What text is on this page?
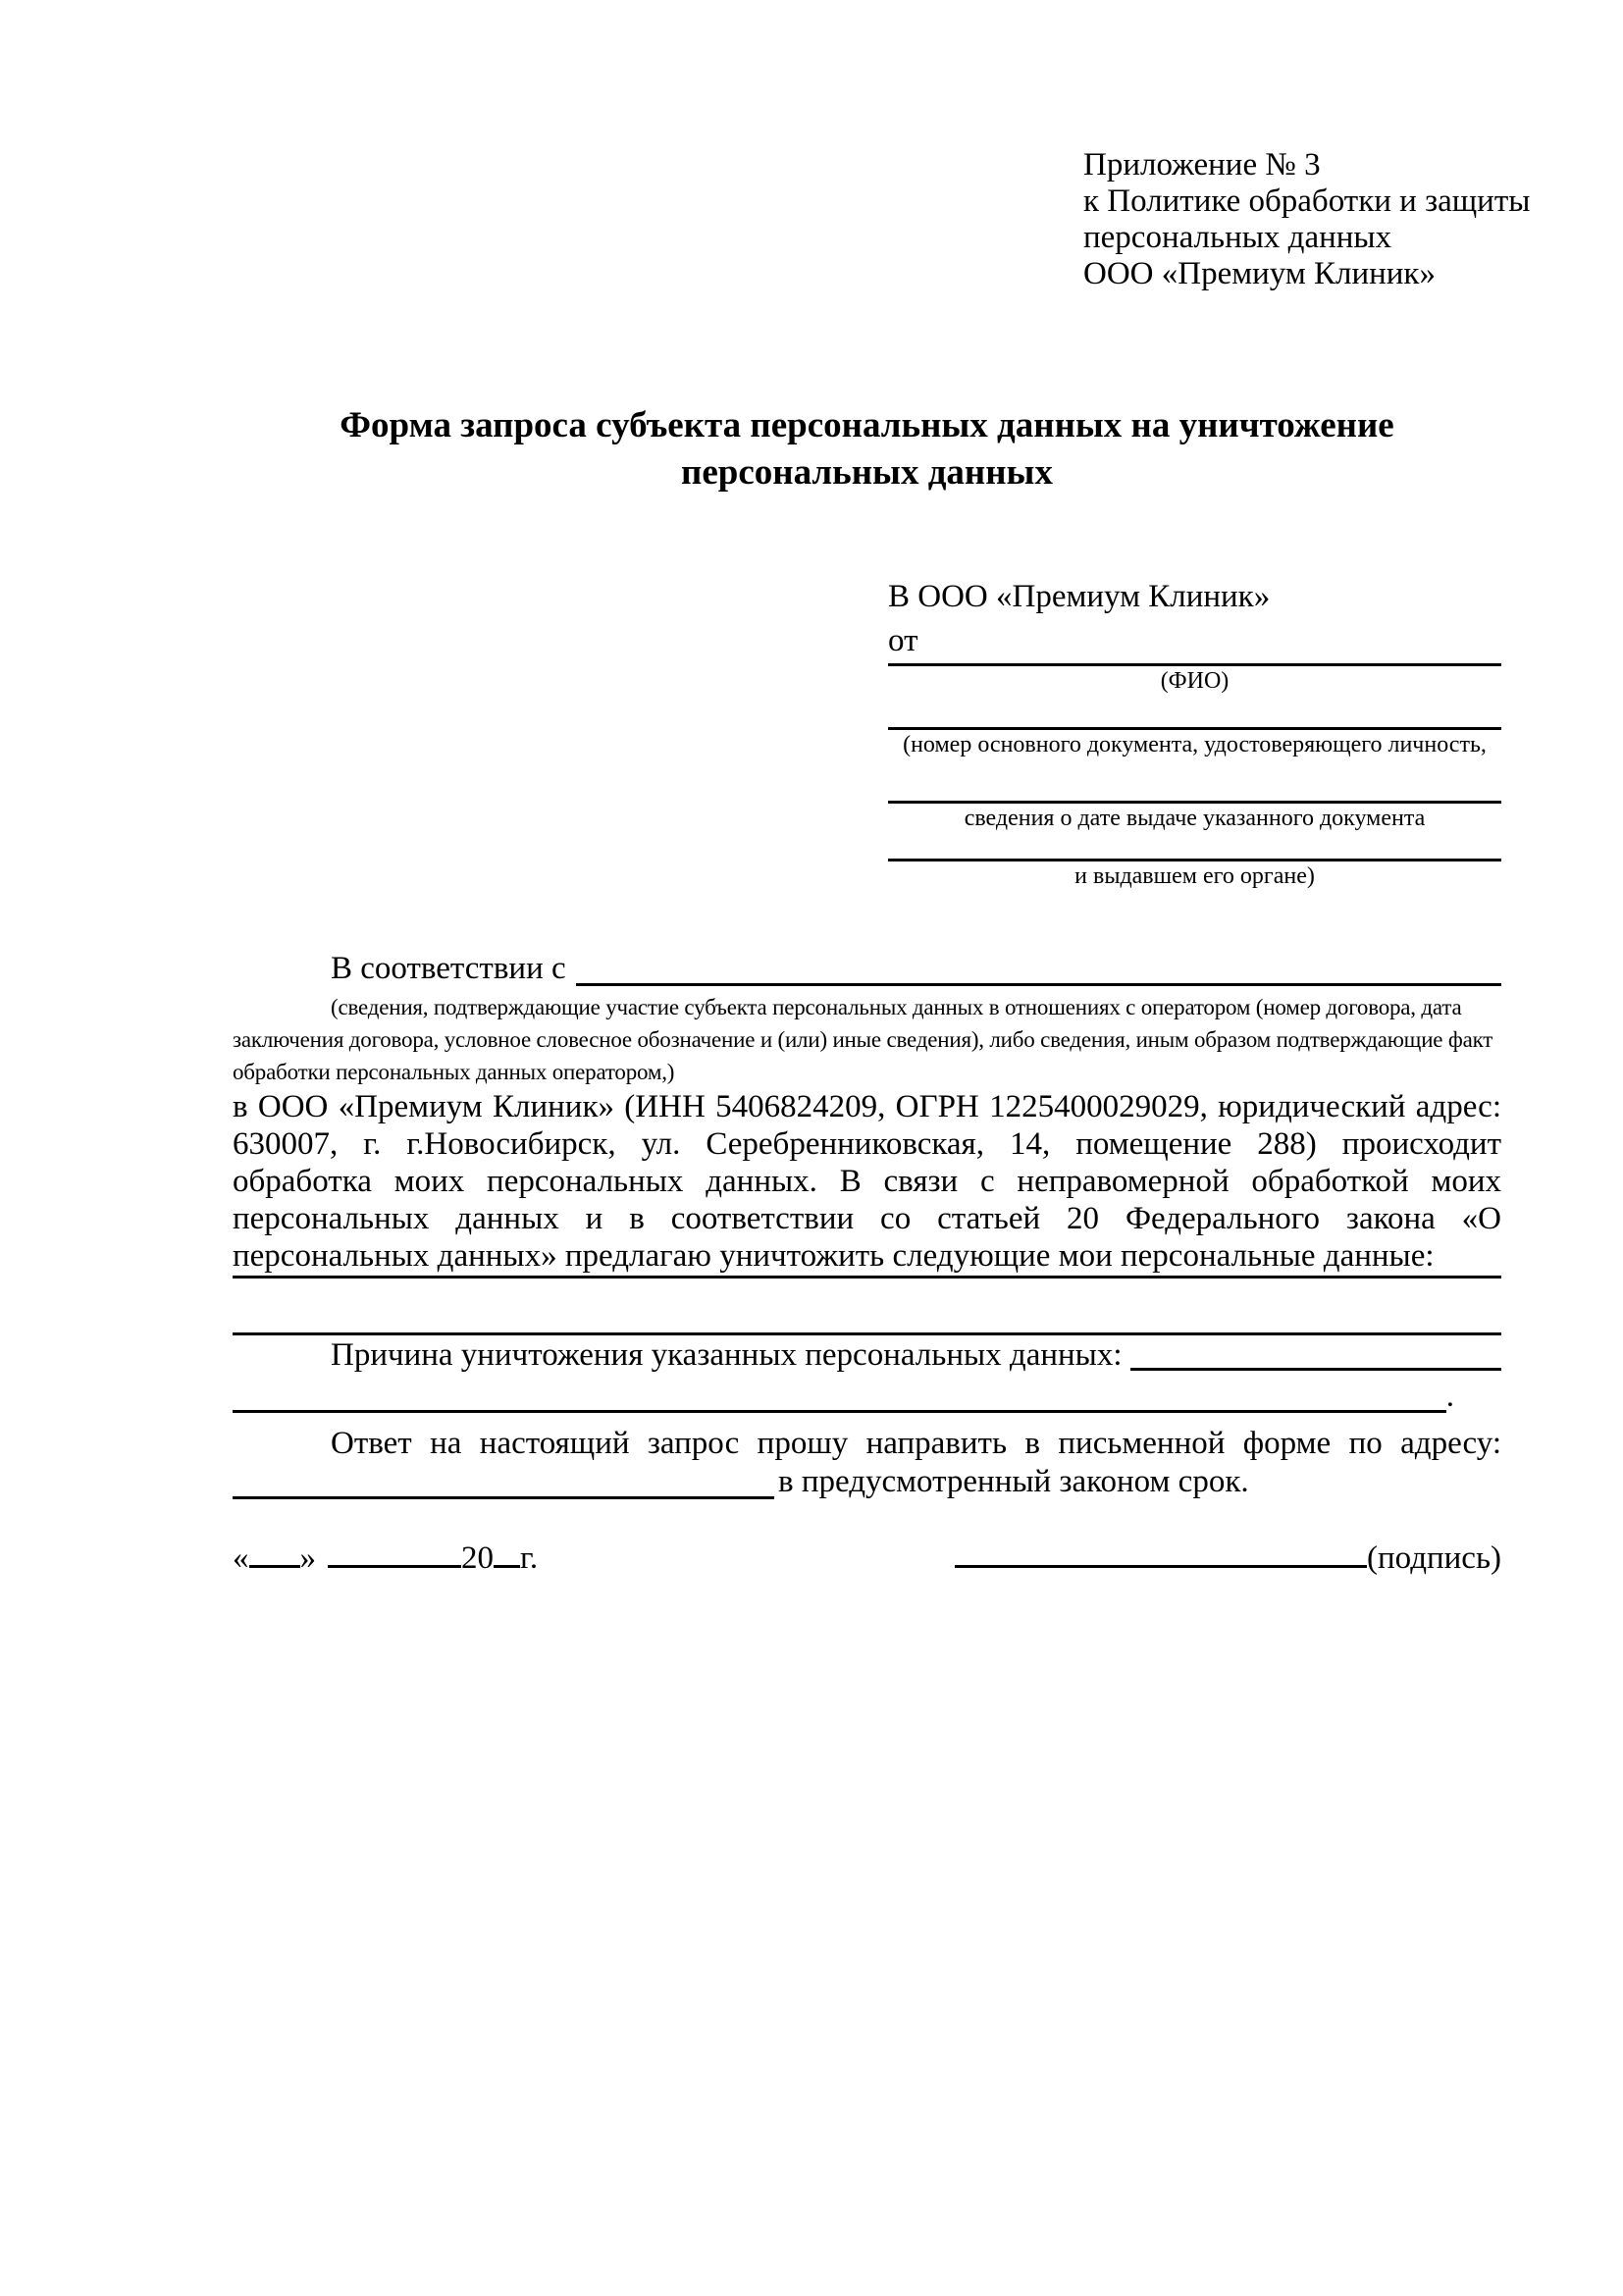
Приложение № 3
к Политике обработки и защиты
персональных данных
ООО «Премиум Клиник»
Форма запроса субъекта персональных данных на уничтожение
персональных данных
В ООО «Премиум Клиник»
от
(ФИО)
(номер основного документа, удостоверяющего личность,
сведения о дате выдаче указанного документа
и выдавшем его органе)
В соответствии с
(сведения, подтверждающие участие субъекта персональных данных в отношениях с оператором (номер договора, дата
заключения договора, условное словесное обозначение и (или) иные сведения), либо сведения, иным образом подтверждающие факт
обработки персональных данных оператором,)
в ООО «Премиум Клиник» (ИНН 5406824209, ОГРН 1225400029029, юридический адрес:
630007, г. г.Новосибирск, ул. Серебренниковская, 14, помещение 288) происходит
обработка моих персональных данных. В связи с неправомерной обработкой моих
персональных данных и в соответствии со статьей 20 Федерального закона «О
персональных данных» предлагаю уничтожить следующие мои персональные данные:
Причина уничтожения указанных персональных данных:
.
Ответ на настоящий запрос прошу направить в письменной форме по адресу:
в предусмотренный законом срок.
« »	20 г.	(подпись)
